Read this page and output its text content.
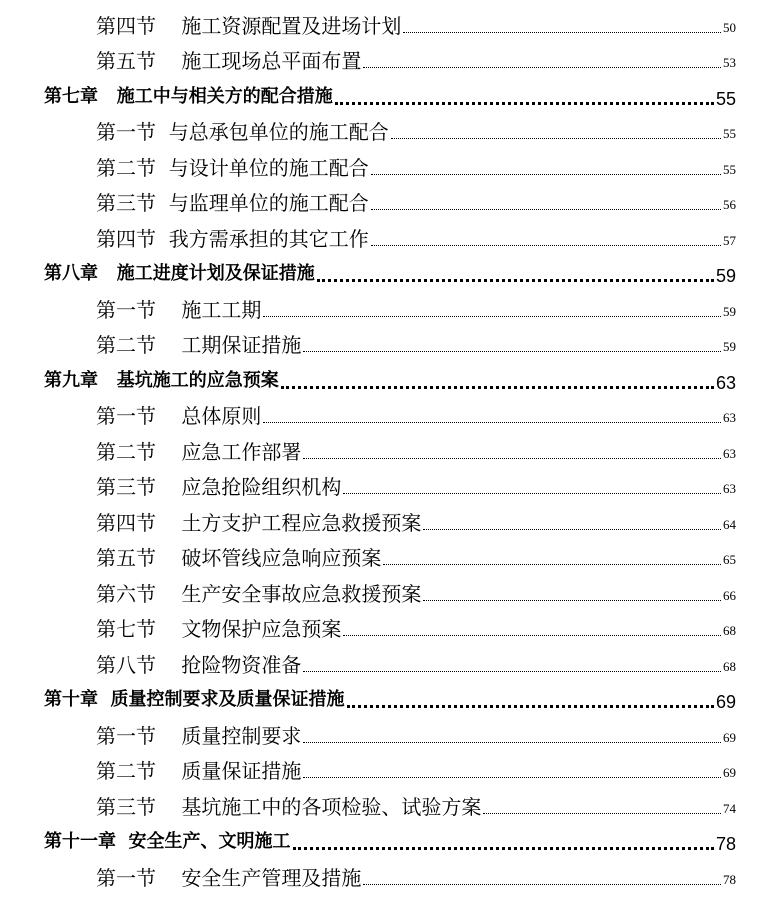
第四节    施工资源配置及进场计划	50
第五节    施工现场总平面布置	53
第七章   施工中与相关方的配合措施	55
第一节  与总承包单位的施工配合	55
第二节  与设计单位的施工配合	55
第三节  与监理单位的施工配合	56
第四节  我方需承担的其它工作	57
第八章   施工进度计划及保证措施	59
第一节    施工工期	59
第二节    工期保证措施	59
第九章   基坑施工的应急预案	63
第一节    总体原则	63
第二节    应急工作部署	63
第三节    应急抢险组织机构	63
第四节    土方支护工程应急救援预案	64
第五节    破坏管线应急响应预案	65
第六节    生产安全事故应急救援预案	66
第七节    文物保护应急预案	68
第八节    抢险物资准备	68
第十章  质量控制要求及质量保证措施	69
第一节    质量控制要求	69
第二节    质量保证措施	69
第三节    基坑施工中的各项检验、试验方案	74
第十一章  安全生产、文明施工	78
第一节    安全生产管理及措施	78
